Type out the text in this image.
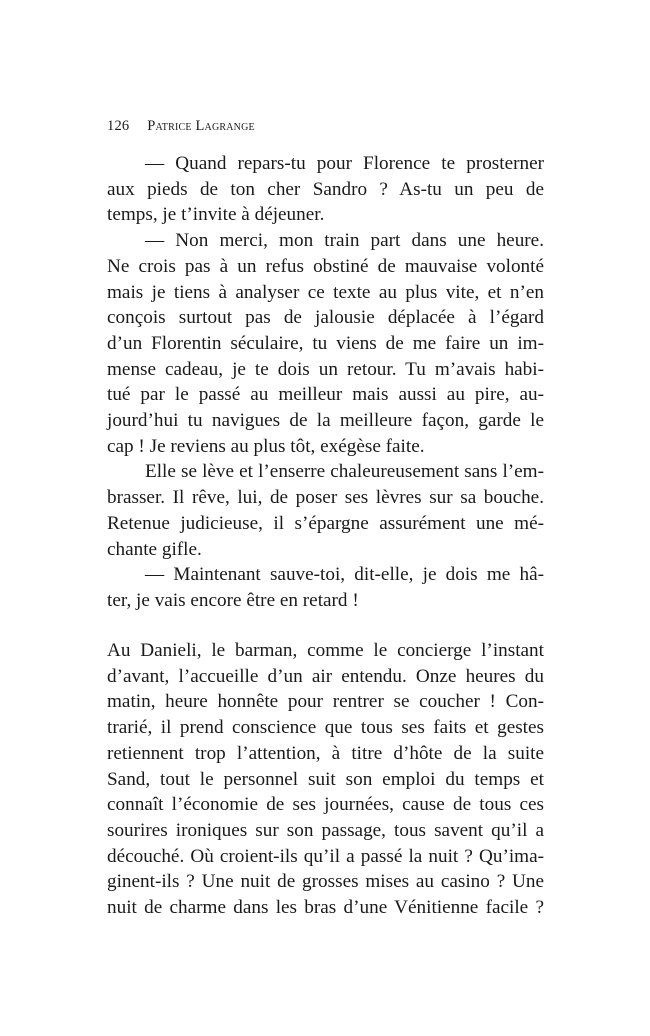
126 Patrice Lagrange
— Quand repars-tu pour Florence te prosterner
aux pieds de ton cher Sandro ? As-tu un peu de
temps, je t’invite à déjeuner.
— Non merci, mon train part dans une heure.
Ne crois pas à un refus obstiné de mauvaise volonté
mais je tiens à analyser ce texte au plus vite, et n’en
conçois surtout pas de jalousie déplacée à l’égard
d’un Florentin séculaire, tu viens de me faire un im-
mense cadeau, je te dois un retour. Tu m’avais habi-
tué par le passé au meilleur mais aussi au pire, au-
jourd’hui tu navigues de la meilleure façon, garde le
cap ! Je reviens au plus tôt, exégèse faite.
Elle se lève et l’enserre chaleureusement sans l’em-
brasser. Il rêve, lui, de poser ses lèvres sur sa bouche.
Retenue judicieuse, il s’épargne assurément une mé-
chante gifle.
— Maintenant sauve-toi, dit-elle, je dois me hâ-
ter, je vais encore être en retard !
Au Danieli, le barman, comme le concierge l’instant
d’avant, l’accueille d’un air entendu. Onze heures du
matin, heure honnête pour rentrer se coucher ! Con-
trarié, il prend conscience que tous ses faits et gestes
retiennent trop l’attention, à titre d’hôte de la suite
Sand, tout le personnel suit son emploi du temps et
connaît l’économie de ses journées, cause de tous ces
sourires ironiques sur son passage, tous savent qu’il a
découché. Où croient-ils qu’il a passé la nuit ? Qu’ima-
ginent-ils ? Une nuit de grosses mises au casino ? Une
nuit de charme dans les bras d’une Vénitienne facile ?
